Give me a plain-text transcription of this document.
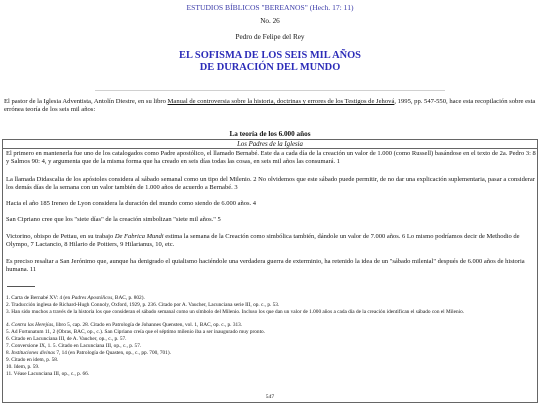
ESTUDIOS BÍBLICOS "BEREANOS" (Hech. 17: 11)
No. 26
Pedro de Felipe del Rey
EL SOFISMA DE LOS SEIS MIL AÑOS
DE DURACIÓN DEL MUNDO
El pastor de la Iglesia Adventista, Antolín Diestre, en su libro Manual de controversia sobre la historia, doctrinas y errores de los Testigos de Jehová, 1995, pp. 547-550, hace esta recopilación sobre esta errónea teoría de los seis mil años:
La teoría de los 6.000 años
Los Padres de la Iglesia
El primero en mantenerla fue uno de los catalogados como Padre apostólico, el llamado Bernabé. Este da a cada día de la creación un valor de 1.000 (como Russell) basándose en el texto de 2a. Pedro 3: 8 y Salmos 90: 4, y argumenta que de la misma forma que ha creado en seis días todas las cosas, en seis mil años las consumará. 1
La llamada Didascalia de los apóstoles considera al sábado semanal como un tipo del Milenio. 2 No olvidemos que este sábado puede permitir, de no dar una explicación suplementaria, pasar a considerar los demás días de la semana con un valor también de 1.000 años de acuerdo a Bernabé. 3
Hacia el año 185 Ireneo de Lyon considera la duración del mundo como siendo de 6.000 años. 4
San Cipriano cree que los "siete días" de la creación simbolizan "siete mil años." 5
Victorino, obispo de Pettau, en su trabajo De Fabrica Mundi estima la semana de la Creación como simbólica también, dándole un valor de 7.000 años. 6 Lo mismo podríamos decir de Methodio de Olympo, 7 Lactancio, 8 Hilario de Poitiers, 9 Hilarianus, 10, etc.
Es preciso resaltar a San Jerónimo que, aunque ha denigrado el quialismo haciéndole una verdadera guerra de exterminio, ha retenido la idea de un "sábado milenial" después de 6.000 años de historia humana. 11
1. Carta de Bernabé XV: 4 (en Padres Apostólicos, BAC, p. 802).
2. Traducción inglesa de Richard-Hugh Connoly, Oxford, 1929, p. 236. Citado por A. Vaucher, Lacunciana serie III, op. c., p. 53.
3. Han sido muchos a través de la historia los que consideran el sábado semanal como un símbolo del Milenio. Incluso los que dan un valor de 1.000 años a cada día de la creación identifican el sábado con el Milenio.
4. Contra las Herejías, libro 5, cap. 28. Citado en Patrología de Johannes Quensten, vol. 1, BAC, op. c., p. 313.
5. Ad Fortunatum 11, 2 (Obras, BAC, op., c.). San Cipriano creía que el séptimo milenio iba a ser inaugurado muy pronto.
6. Citado en Lacunciana III, de A. Vaucher, op., c., p. 57.
7. Conversione IX, 1. 5. Citado en Lacunciana III, op., c., p. 57.
8. Instituciones divinas 7, 14 (en Patrología de Quasten, op., c., pp. 700, 701).
9. Citado en idem, p. 58.
10. Idem, p. 59.
11. Véase Lacunciana III, op., c., p. 66.
547
